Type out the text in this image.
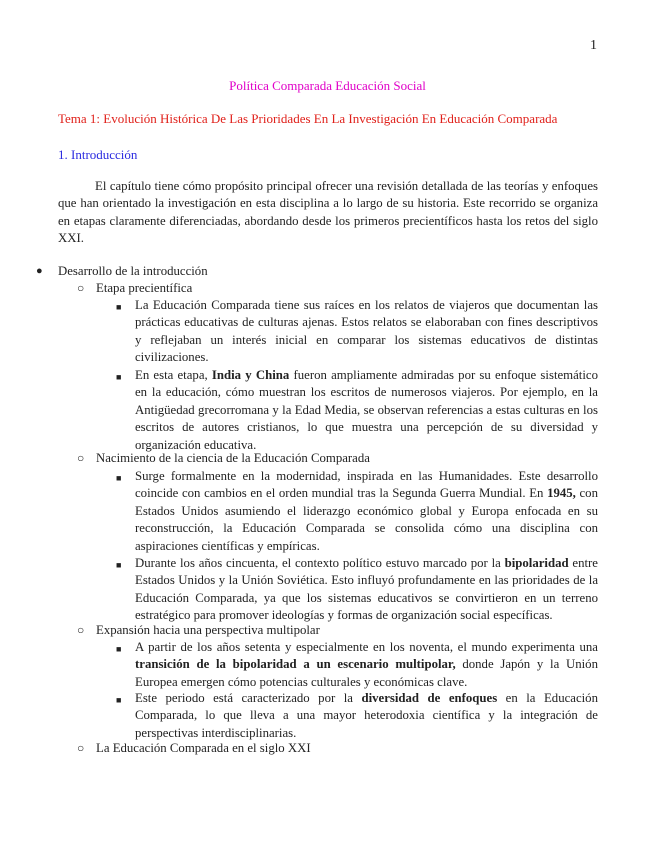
1
Política Comparada Educación Social
Tema 1: Evolución Histórica De Las Prioridades En La Investigación En Educación Comparada
1. Introducción
El capítulo tiene cómo propósito principal ofrecer una revisión detallada de las teorías y enfoques que han orientado la investigación en esta disciplina a lo largo de su historia. Este recorrido se organiza en etapas claramente diferenciadas, abordando desde los primeros precientíficos hasta los retos del siglo XXI.
● Desarrollo de la introducción
○ Etapa precientífica
■ La Educación Comparada tiene sus raíces en los relatos de viajeros que documentan las prácticas educativas de culturas ajenas. Estos relatos se elaboraban con fines descriptivos y reflejaban un interés inicial en comparar los sistemas educativos de distintas civilizaciones.
■ En esta etapa, India y China fueron ampliamente admiradas por su enfoque sistemático en la educación, cómo muestran los escritos de numerosos viajeros. Por ejemplo, en la Antigüedad grecorromana y la Edad Media, se observan referencias a estas culturas en los escritos de autores cristianos, lo que muestra una percepción de su diversidad y organización educativa.
○ Nacimiento de la ciencia de la Educación Comparada
■ Surge formalmente en la modernidad, inspirada en las Humanidades. Este desarrollo coincide con cambios en el orden mundial tras la Segunda Guerra Mundial. En 1945, con Estados Unidos asumiendo el liderazgo económico global y Europa enfocada en su reconstrucción, la Educación Comparada se consolida cómo una disciplina con aspiraciones científicas y empíricas.
■ Durante los años cincuenta, el contexto político estuvo marcado por la bipolaridad entre Estados Unidos y la Unión Soviética. Esto influyó profundamente en las prioridades de la Educación Comparada, ya que los sistemas educativos se convirtieron en un terreno estratégico para promover ideologías y formas de organización social específicas.
○ Expansión hacia una perspectiva multipolar
■ A partir de los años setenta y especialmente en los noventa, el mundo experimenta una transición de la bipolaridad a un escenario multipolar, donde Japón y la Unión Europea emergen cómo potencias culturales y económicas clave.
■ Este periodo está caracterizado por la diversidad de enfoques en la Educación Comparada, lo que lleva a una mayor heterodoxia científica y la integración de perspectivas interdisciplinarias.
○ La Educación Comparada en el siglo XXI
